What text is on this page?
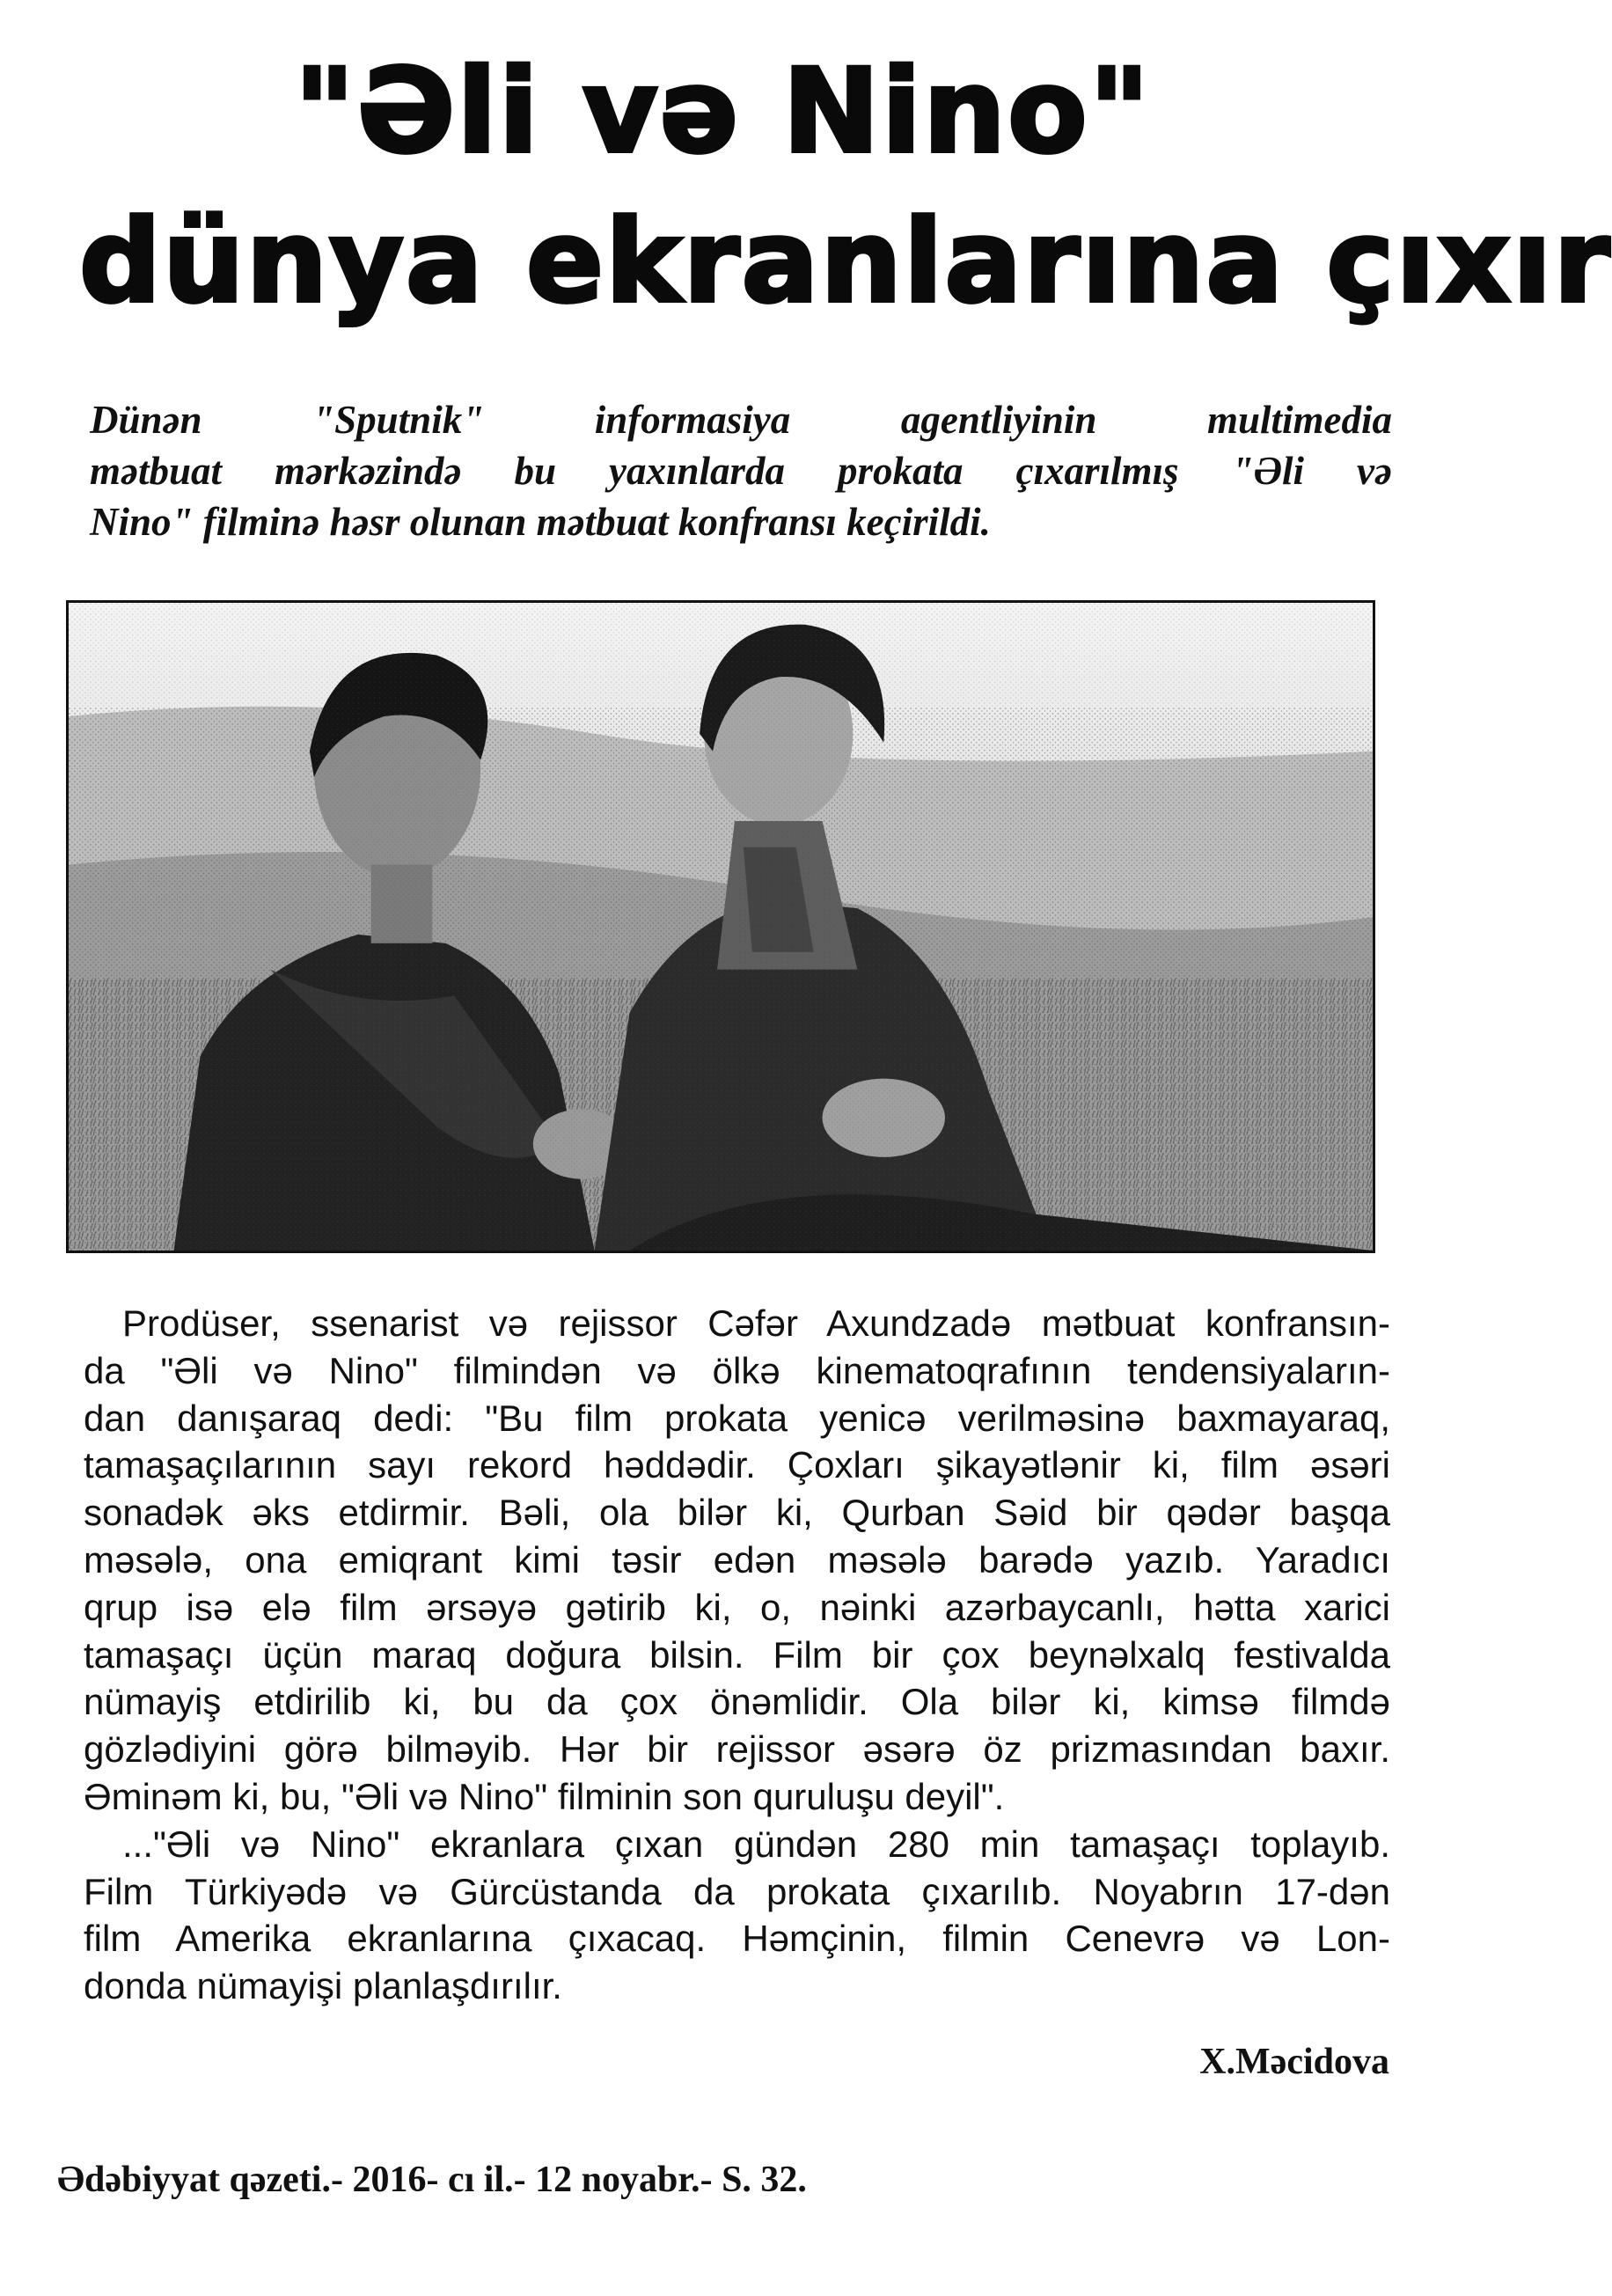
"Əli və Nino"
dünya ekranlarına çıxır
Dünən "Sputnik" informasiya agentliyinin multimedia
mətbuat mərkəzində bu yaxınlarda prokata çıxarılmış "Əli və
Nino" filminə həsr olunan mətbuat konfransı keçirildi.
Prodüser, ssenarist və rejissor Cəfər Axundzadə mətbuat konfransın-
da "Əli və Nino" filmindən və ölkə kinematoqrafının tendensiyaların-
dan danışaraq dedi: "Bu film prokata yenicə verilməsinə baxmayaraq,
tamaşaçılarının sayı rekord həddədir. Çoxları şikayətlənir ki, film əsəri
sonadək əks etdirmir. Bəli, ola bilər ki, Qurban Səid bir qədər başqa
məsələ, ona emiqrant kimi təsir edən məsələ barədə yazıb. Yaradıcı
qrup isə elə film ərsəyə gətirib ki, o, nəinki azərbaycanlı, hətta xarici
tamaşaçı üçün maraq doğura bilsin. Film bir çox beynəlxalq festivalda
nümayiş etdirilib ki, bu da çox önəmlidir. Ola bilər ki, kimsə filmdə
gözlədiyini görə bilməyib. Hər bir rejissor əsərə öz prizmasından baxır.
Əminəm ki, bu, "Əli və Nino" filminin son quruluşu deyil".
..."Əli və Nino" ekranlara çıxan gündən 280 min tamaşaçı toplayıb.
Film Türkiyədə və Gürcüstanda da prokata çıxarılıb. Noyabrın 17-dən
film Amerika ekranlarına çıxacaq. Həmçinin, filmin Cenevrə və Lon-
donda nümayişi planlaşdırılır.
X.Məcidova
Ədəbiyyat qəzeti.- 2016- cı il.- 12 noyabr.- S. 32.
